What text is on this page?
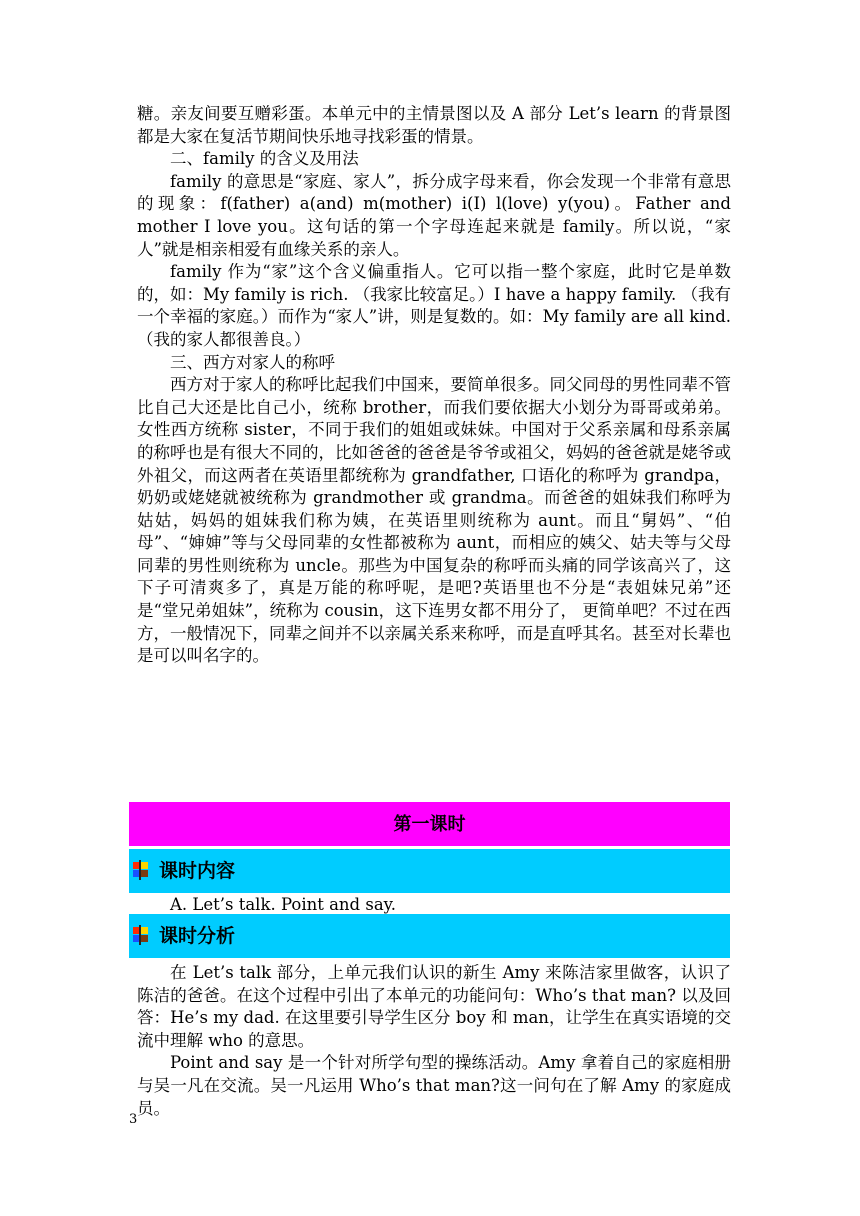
糖。亲友间要互赠彩蛋。本单元中的主情景图以及 A 部分 Let’s learn 的背景图都是大家在复活节期间快乐地寻找彩蛋的情景。

二、family 的含义及用法

family 的意思是“家庭、家人”，拆分成字母来看，你会发现一个非常有意思的现象：f(father) a(and) m(mother) i(I) l(love) y(you)。Father and mother I love you。这句话的第一个字母连起来就是 family。所以说，“家人”就是相亲相爱有血缘关系的亲人。

family 作为“家”这个含义偏重指人。它可以指一整个家庭，此时它是单数的，如：My family is rich. （我家比较富足。）I have a happy family. （我有一个幸福的家庭。）而作为“家人”讲，则是复数的。如：My family are all kind.（我的家人都很善良。）

三、西方对家人的称呼

西方对于家人的称呼比起我们中国来，要简单很多。同父同母的男性同辈不管比自己大还是比自己小，统称 brother，而我们要依据大小划分为哥哥或弟弟。女性西方统称 sister，不同于我们的姐姐或妹妹。中国对于父系亲属和母系亲属的称呼也是有很大不同的，比如爸爸的爸爸是爷爷或祖父，妈妈的爸爸就是姥爷或外祖父，而这两者在英语里都统称为 grandfather, 口语化的称呼为 grandpa，奶奶或姥姥就被统称为 grandmother 或 grandma。而爸爸的姐妹我们称呼为姑姑，妈妈的姐妹我们称为姨，在英语里则统称为 aunt。而且“舅妈”、“伯母”、“婶婶”等与父母同辈的女性都被称为 aunt，而相应的姨父、姑夫等与父母同辈的男性则统称为 uncle。那些为中国复杂的称呼而头痛的同学该高兴了，这下子可清爽多了，真是万能的称呼呢，是吧?英语里也不分是“表姐妹兄弟”还是“堂兄弟姐妹”，统称为 cousin，这下连男女都不用分了， 更简单吧？不过在西方，一般情况下，同辈之间并不以亲属关系来称呼，而是直呼其名。甚至对长辈也是可以叫名字的。

第一课时
课时内容
A. Let’s talk. Point and say.
课时分析

在 Let’s talk 部分，上单元我们认识的新生 Amy 来陈洁家里做客，认识了陈洁的爸爸。在这个过程中引出了本单元的功能问句：Who’s that man? 以及回答：He’s my dad. 在这里要引导学生区分 boy 和 man，让学生在真实语境的交流中理解 who 的意思。

Point and say 是一个针对所学句型的操练活动。Amy 拿着自己的家庭相册与吴一凡在交流。吴一凡运用 Who’s that man?这一问句在了解 Amy 的家庭成员。

3
